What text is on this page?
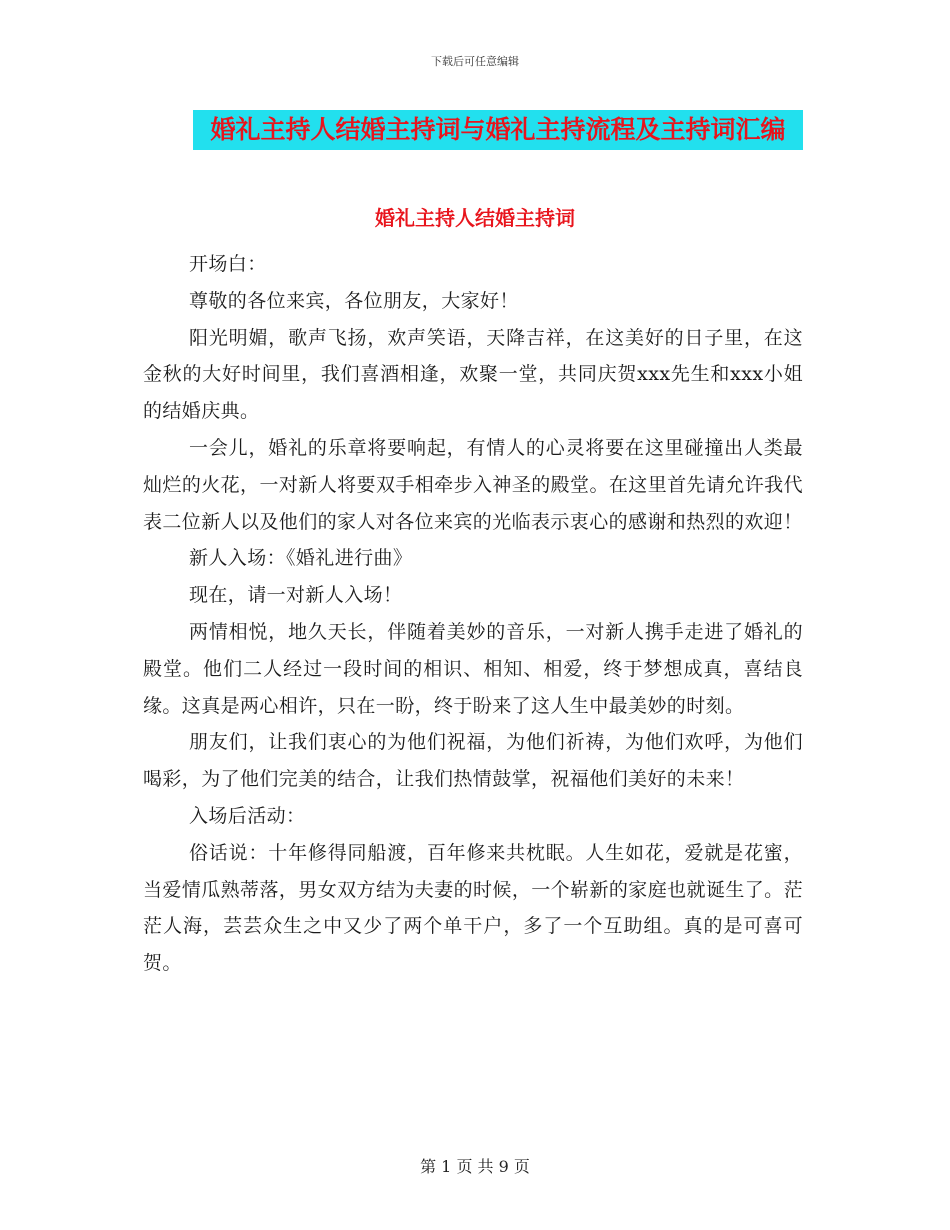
下载后可任意编辑
婚礼主持人结婚主持词与婚礼主持流程及主持词汇编
婚礼主持人结婚主持词

开场白：

尊敬的各位来宾，各位朋友，大家好！

阳光明媚，歌声飞扬，欢声笑语，天降吉祥，在这美好的日子里，在这金秋的大好时间里，我们喜酒相逢，欢聚一堂，共同庆贺xxx先生和xxx小姐的结婚庆典。

一会儿，婚礼的乐章将要响起，有情人的心灵将要在这里碰撞出人类最灿烂的火花，一对新人将要双手相牵步入神圣的殿堂。在这里首先请允许我代表二位新人以及他们的家人对各位来宾的光临表示衷心的感谢和热烈的欢迎！

新人入场：《婚礼进行曲》

现在，请一对新人入场！

两情相悦，地久天长，伴随着美妙的音乐，一对新人携手走进了婚礼的殿堂。他们二人经过一段时间的相识、相知、相爱，终于梦想成真，喜结良缘。这真是两心相许，只在一盼，终于盼来了这人生中最美妙的时刻。

朋友们，让我们衷心的为他们祝福，为他们祈祷，为他们欢呼，为他们喝彩，为了他们完美的结合，让我们热情鼓掌，祝福他们美好的未来！

入场后活动：

俗话说：十年修得同船渡，百年修来共枕眠。人生如花，爱就是花蜜，当爱情瓜熟蒂落，男女双方结为夫妻的时候，一个崭新的家庭也就诞生了。茫茫人海，芸芸众生之中又少了两个单干户，多了一个互助组。真的是可喜可贺。

第 1 页 共 9 页
